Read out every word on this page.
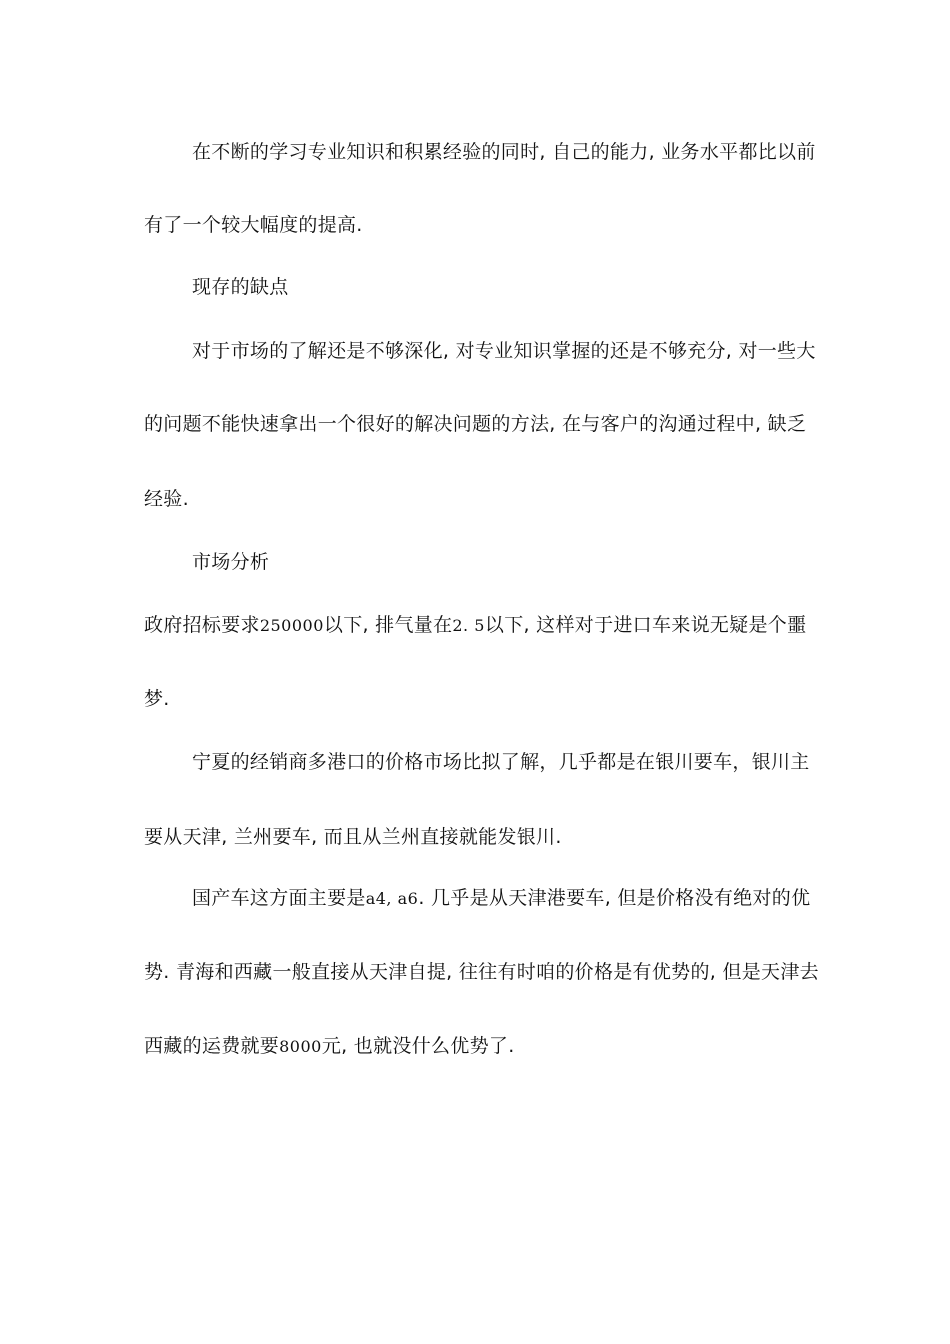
在不断的学习专业知识和积累经验的同时, 自己的能力, 业务水平都比以前
有了一个较大幅度的提高.
现存的缺点
对于市场的了解还是不够深化, 对专业知识掌握的还是不够充分, 对一些大
的问题不能快速拿出一个很好的解决问题的方法, 在与客户的沟通过程中, 缺乏
经验.
市场分析
政府招标要求250000以下, 排气量在2. 5以下, 这样对于进口车来说无疑是个噩
梦.
宁夏的经销商多港口的价格市场比拟了解，几乎都是在银川要车，银川主
要从天津, 兰州要车, 而且从兰州直接就能发银川.
国产车这方面主要是a4, a6. 几乎是从天津港要车, 但是价格没有绝对的优
势. 青海和西藏一般直接从天津自提, 往往有时咱的价格是有优势的, 但是天津去
西藏的运费就要8000元, 也就没什么优势了.
